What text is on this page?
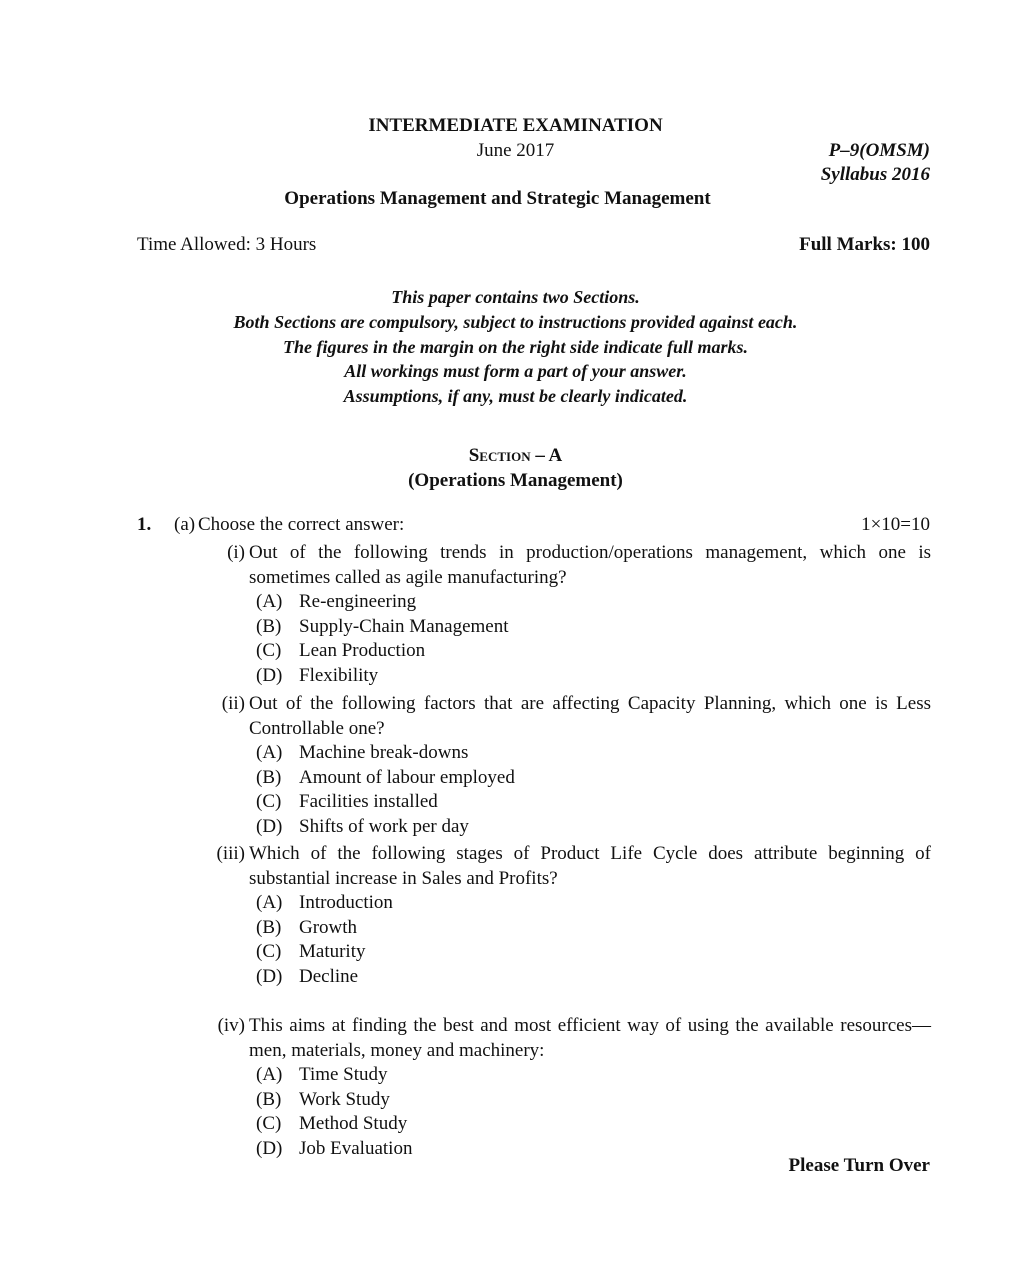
INTERMEDIATE EXAMINATION
June 2017	P–9(OMSM)
Syllabus 2016
Operations Management and Strategic Management
Time Allowed: 3 Hours	Full Marks: 100
This paper contains two Sections.
Both Sections are compulsory, subject to instructions provided against each.
The figures in the margin on the right side indicate full marks.
All workings must form a part of your answer.
Assumptions, if any, must be clearly indicated.
Section – A
(Operations Management)
1. (a) Choose the correct answer:	1×10=10
(i) Out of the following trends in production/operations management, which one is sometimes called as agile manufacturing?
(A) Re-engineering
(B) Supply-Chain Management
(C) Lean Production
(D) Flexibility
(ii) Out of the following factors that are affecting Capacity Planning, which one is Less Controllable one?
(A) Machine break-downs
(B) Amount of labour employed
(C) Facilities installed
(D) Shifts of work per day
(iii) Which of the following stages of Product Life Cycle does attribute beginning of substantial increase in Sales and Profits?
(A) Introduction
(B) Growth
(C) Maturity
(D) Decline
(iv) This aims at finding the best and most efficient way of using the available resources— men, materials, money and machinery:
(A) Time Study
(B) Work Study
(C) Method Study
(D) Job Evaluation
Please Turn Over
